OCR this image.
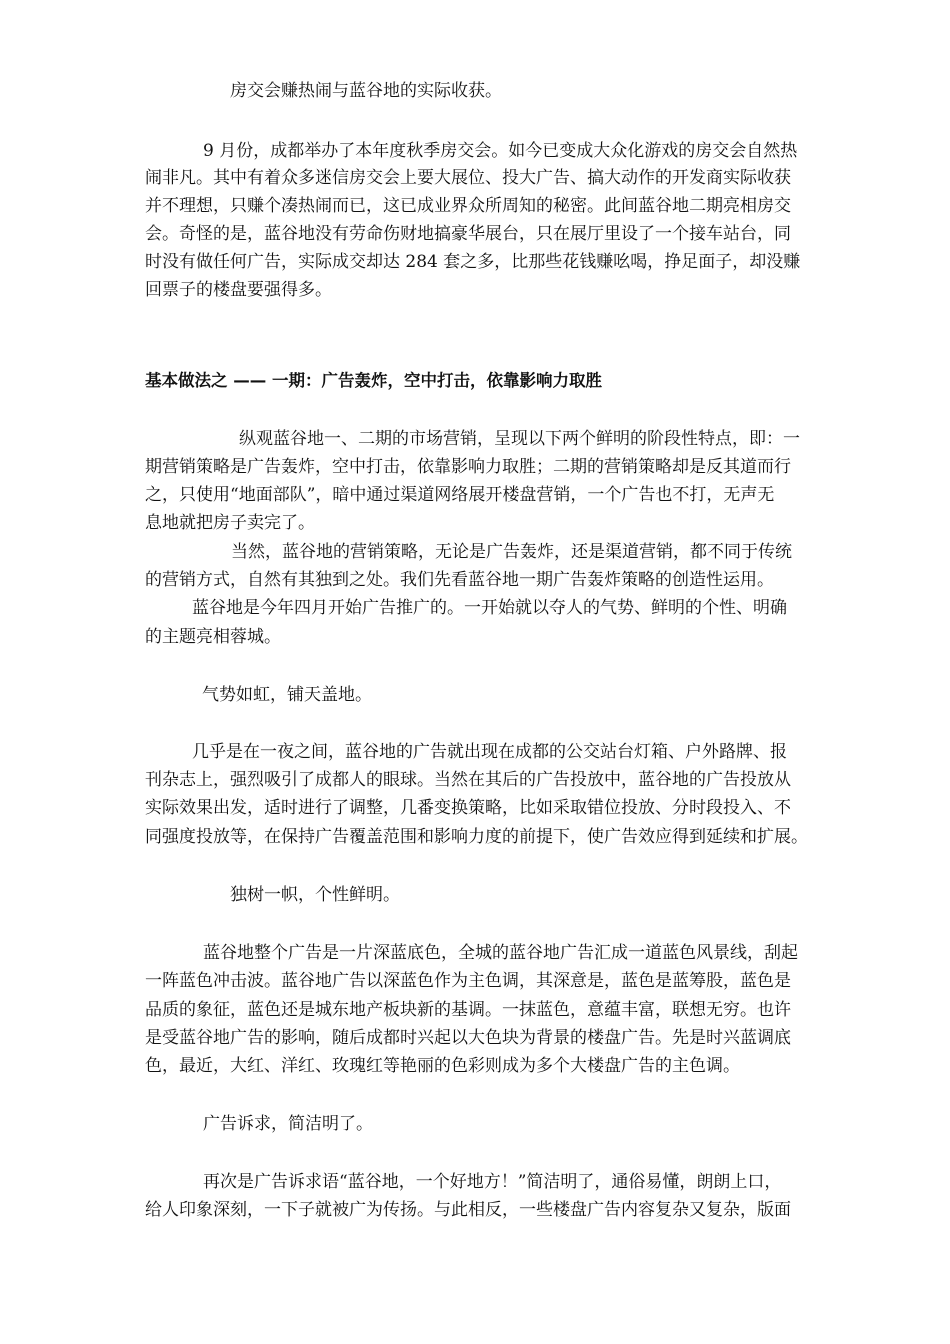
房交会赚热闹与蓝谷地的实际收获。
9 月份，成都举办了本年度秋季房交会。如今已变成大众化游戏的房交会自然热
闹非凡。其中有着众多迷信房交会上要大展位、投大广告、搞大动作的开发商实际收获
并不理想，只赚个凑热闹而已，这已成业界众所周知的秘密。此间蓝谷地二期亮相房交
会。奇怪的是，蓝谷地没有劳命伤财地搞豪华展台，只在展厅里设了一个接车站台，同
时没有做任何广告，实际成交却达 284 套之多，比那些花钱赚吆喝，挣足面子，却没赚
回票子的楼盘要强得多。
基本做法之 —— 一期：广告轰炸，空中打击，依靠影响力取胜
纵观蓝谷地一、二期的市场营销，呈现以下两个鲜明的阶段性特点，即：一
期营销策略是广告轰炸，空中打击，依靠影响力取胜；二期的营销策略却是反其道而行
之，只使用“地面部队”，暗中通过渠道网络展开楼盘营销，一个广告也不打，无声无
息地就把房子卖完了。
当然，蓝谷地的营销策略，无论是广告轰炸，还是渠道营销，都不同于传统
的营销方式，自然有其独到之处。我们先看蓝谷地一期广告轰炸策略的创造性运用。
蓝谷地是今年四月开始广告推广的。一开始就以夺人的气势、鲜明的个性、明确
的主题亮相蓉城。
气势如虹，铺天盖地。
几乎是在一夜之间，蓝谷地的广告就出现在成都的公交站台灯箱、户外路牌、报
刊杂志上，强烈吸引了成都人的眼球。当然在其后的广告投放中，蓝谷地的广告投放从
实际效果出发，适时进行了调整，几番变换策略，比如采取错位投放、分时段投入、不
同强度投放等，在保持广告覆盖范围和影响力度的前提下，使广告效应得到延续和扩展。
独树一帜，个性鲜明。
蓝谷地整个广告是一片深蓝底色，全城的蓝谷地广告汇成一道蓝色风景线，刮起
一阵蓝色冲击波。蓝谷地广告以深蓝色作为主色调，其深意是，蓝色是蓝筹股，蓝色是
品质的象征，蓝色还是城东地产板块新的基调。一抹蓝色，意蕴丰富，联想无穷。也许
是受蓝谷地广告的影响，随后成都时兴起以大色块为背景的楼盘广告。先是时兴蓝调底
色，最近，大红、洋红、玫瑰红等艳丽的色彩则成为多个大楼盘广告的主色调。
广告诉求，简洁明了。
再次是广告诉求语“蓝谷地，一个好地方！”简洁明了，通俗易懂，朗朗上口，
给人印象深刻，一下子就被广为传扬。与此相反，一些楼盘广告内容复杂又复杂，版面
